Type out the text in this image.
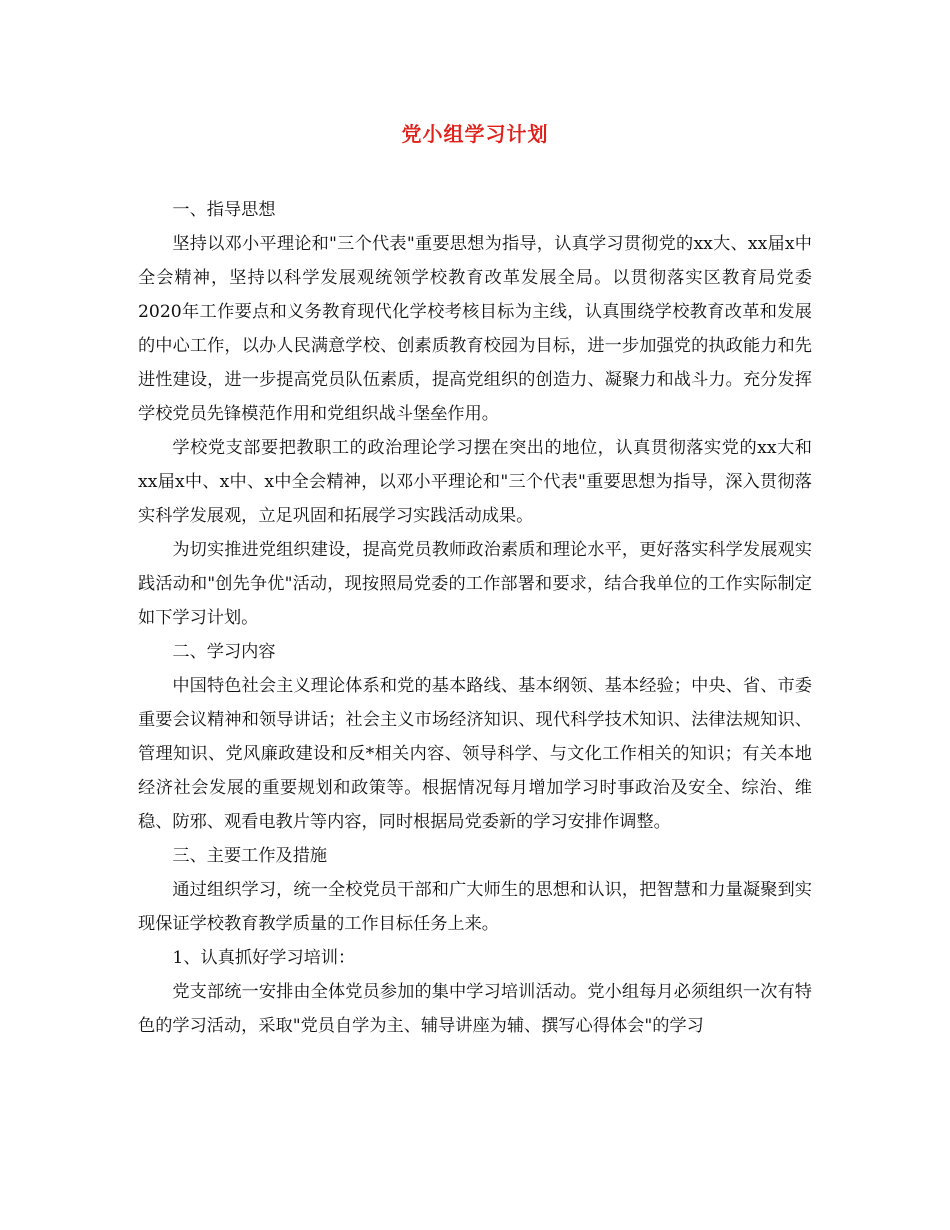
党小组学习计划

一、指导思想

坚持以邓小平理论和"三个代表"重要思想为指导，认真学习贯彻党的xx大、xx届x中全会精神，坚持以科学发展观统领学校教育改革发展全局。以贯彻落实区教育局党委2020年工作要点和义务教育现代化学校考核目标为主线，认真围绕学校教育改革和发展的中心工作，以办人民满意学校、创素质教育校园为目标，进一步加强党的执政能力和先进性建设，进一步提高党员队伍素质，提高党组织的创造力、凝聚力和战斗力。充分发挥学校党员先锋模范作用和党组织战斗堡垒作用。

学校党支部要把教职工的政治理论学习摆在突出的地位，认真贯彻落实党的xx大和xx届x中、x中、x中全会精神，以邓小平理论和"三个代表"重要思想为指导，深入贯彻落实科学发展观，立足巩固和拓展学习实践活动成果。

为切实推进党组织建设，提高党员教师政治素质和理论水平，更好落实科学发展观实践活动和"创先争优"活动，现按照局党委的工作部署和要求，结合我单位的工作实际制定如下学习计划。

二、学习内容

中国特色社会主义理论体系和党的基本路线、基本纲领、基本经验；中央、省、市委重要会议精神和领导讲话；社会主义市场经济知识、现代科学技术知识、法律法规知识、管理知识、党风廉政建设和反*相关内容、领导科学、与文化工作相关的知识；有关本地经济社会发展的重要规划和政策等。根据情况每月增加学习时事政治及安全、综治、维稳、防邪、观看电教片等内容，同时根据局党委新的学习安排作调整。

三、主要工作及措施

通过组织学习，统一全校党员干部和广大师生的思想和认识，把智慧和力量凝聚到实现保证学校教育教学质量的工作目标任务上来。

1、认真抓好学习培训：

党支部统一安排由全体党员参加的集中学习培训活动。党小组每月必须组织一次有特色的学习活动，采取"党员自学为主、辅导讲座为辅、撰写心得体会"的学习
